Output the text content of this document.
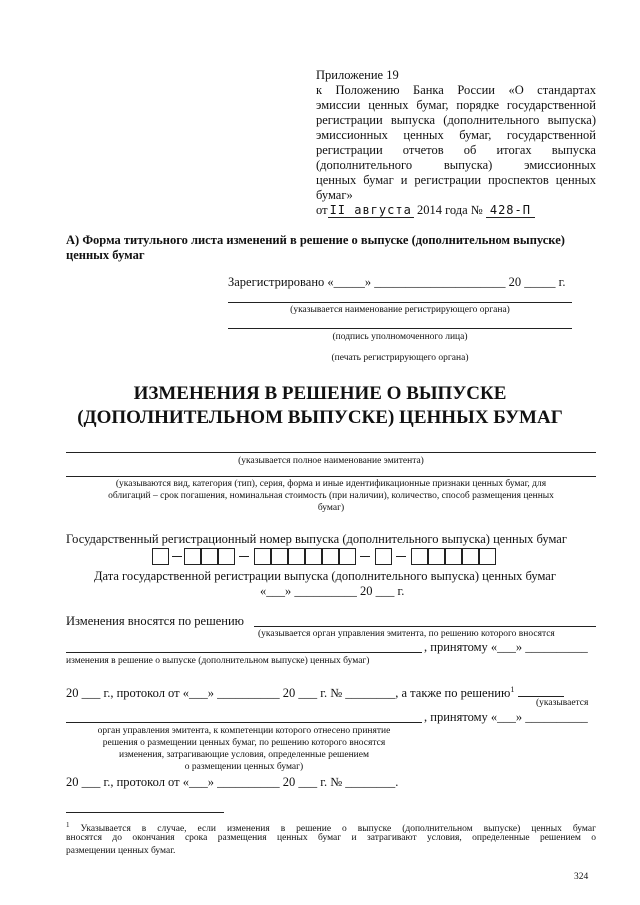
Приложение 19
к Положению Банка России «О стандартах
эмиссии ценных бумаг, порядке государственной
регистрации выпуска (дополнительного выпуска)
эмиссионных ценных бумаг, государственной
регистрации отчетов об итогах выпуска
(дополнительного выпуска) эмиссионных
ценных бумаг и регистрации проспектов ценных
бумаг»
от II августа 2014 года № 428-П
А) Форма титульного листа изменений в решение о выпуске (дополнительном выпуске)
ценных бумаг
Зарегистрировано «_____» _____________________ 20 _____ г.
(указывается наименование регистрирующего органа)
(подпись уполномоченного лица)
(печать регистрирующего органа)
ИЗМЕНЕНИЯ В РЕШЕНИЕ О ВЫПУСКЕ
(ДОПОЛНИТЕЛЬНОМ ВЫПУСКЕ) ЦЕННЫХ БУМАГ
(указывается полное наименование эмитента)
(указываются вид, категория (тип), серия, форма и иные идентификационные признаки ценных бумаг, для
облигаций – срок погашения, номинальная стоимость (при наличии), количество, способ размещения ценных
бумаг)
Государственный регистрационный номер выпуска (дополнительного выпуска) ценных бумаг
Дата государственной регистрации выпуска (дополнительного выпуска) ценных бумаг
«___» __________ 20 ___ г.
Изменения вносятся по решению
(указывается орган управления эмитента, по решению которого вносятся
, принятому «___» __________
изменения в решение о выпуске (дополнительном выпуске) ценных бумаг)
20 ___ г., протокол от «___» __________ 20 ___ г. № ________, а также по решению$^1$
(указывается
, принятому «___» __________
орган управления эмитента, к компетенции которого отнесено принятие
решения о размещении ценных бумаг, по решению которого вносятся
изменения, затрагивающие условия, определенные решением
о размещении ценных бумаг)
20 ___ г., протокол от «___» __________ 20 ___ г. № ________.
$^1$ Указывается в случае, если изменения в решение о выпуске (дополнительном выпуске) ценных бумаг
вносятся до окончания срока размещения ценных бумаг и затрагивают условия, определенные решением о
размещении ценных бумаг.
324
